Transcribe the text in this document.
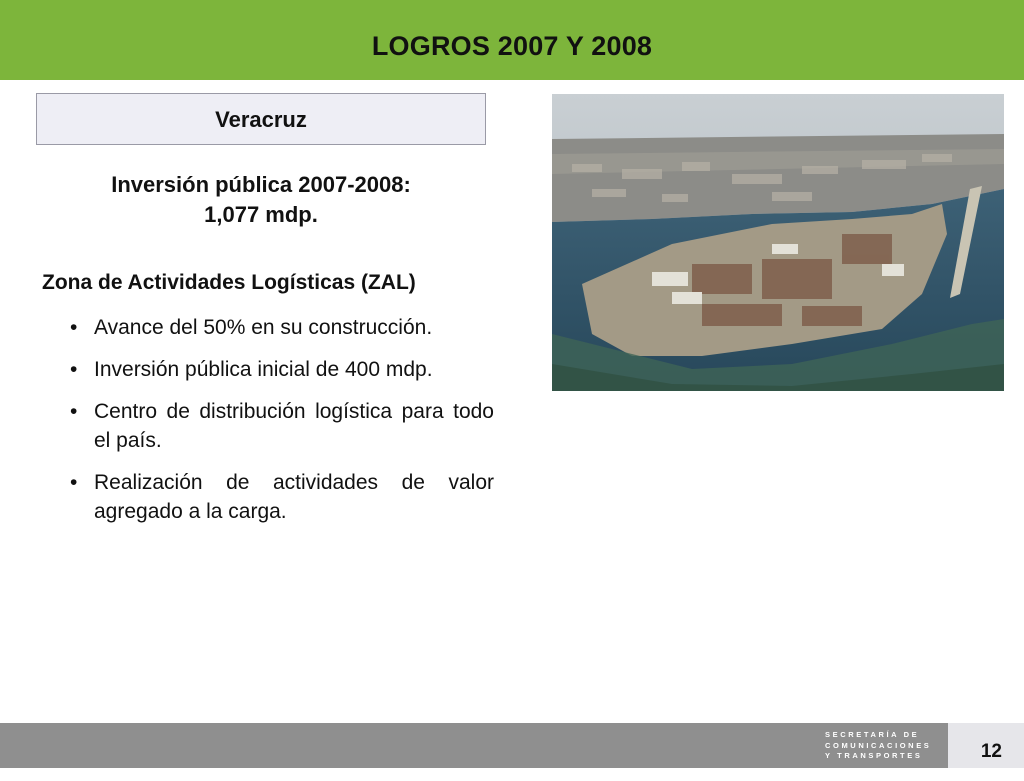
LOGROS 2007 Y 2008
Veracruz
Inversión pública 2007-2008:
1,077 mdp.
Zona de Actividades Logísticas (ZAL)
• Avance del 50% en su construcción.
• Inversión pública inicial de 400 mdp.
• Centro de distribución logística para todo el país.
• Realización de actividades de valor agregado a la carga.
SECRETARÍA DE
COMUNICACIONES
Y TRANSPORTES	12
